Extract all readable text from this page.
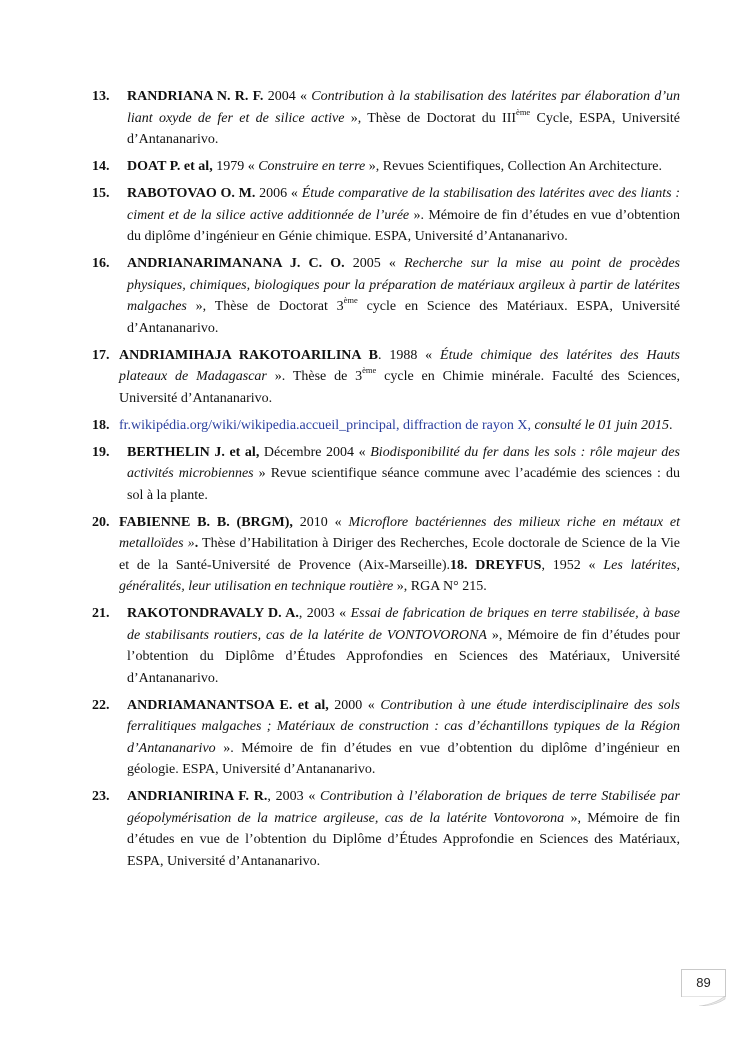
13.	RANDRIANA N. R. F. 2004 « Contribution à la stabilisation des latérites par élaboration d’un liant oxyde de fer et de silice active », Thèse de Doctorat du IIIème Cycle, ESPA, Université d’Antananarivo.
14.	DOAT P. et al, 1979 « Construire en terre », Revues Scientifiques, Collection An Architecture.
15.	RABOTOVAO O. M. 2006 « Étude comparative de la stabilisation des latérites avec des liants : ciment et de la silice active additionnée de l’urée ». Mémoire de fin d’études en vue d’obtention du diplôme d’ingénieur en Génie chimique. ESPA, Université d’Antananarivo.
16.	ANDRIANARIMANANA J. C. O. 2005 « Recherche sur la mise au point de procèdes physiques, chimiques, biologiques pour la préparation de matériaux argileux à partir de latérites malgaches », Thèse de Doctorat 3ème cycle en Science des Matériaux. ESPA, Université d’Antananarivo.
17. ANDRIAMIHAJA RAKOTOARILINA B. 1988 « Étude chimique des latérites des Hauts plateaux de Madagascar ». Thèse de 3ème cycle en Chimie minérale. Faculté des Sciences, Université d’Antananarivo.
18. fr.wikipédia.org/wiki/wikipedia.accueil_principal, diffraction de rayon X, consulté le 01 juin 2015.
19.	BERTHELIN J. et al, Décembre 2004 « Biodisponibilité du fer dans les sols : rôle majeur des activités microbiennes » Revue scientifique séance commune avec l’académie des sciences : du sol à la plante.
20. FABIENNE B. B. (BRGM), 2010 « Microflore bactériennes des milieux riche en métaux et metalloïdes ». Thèse d’Habilitation à Diriger des Recherches, Ecole doctorale de Science de la Vie et de la Santé-Université de Provence (Aix-Marseille).18. DREYFUS, 1952 « Les latérites, généralités, leur utilisation en technique routière », RGA N° 215.
21.	RAKOTONDRAVALY D. A., 2003 « Essai de fabrication de briques en terre stabilisée, à base de stabilisants routiers, cas de la latérite de VONTOVORONA », Mémoire de fin d’études pour l’obtention du Diplôme d’Études Approfondies en Sciences des Matériaux, Université d’Antananarivo.
22.	ANDRIAMANANTSOA E. et al, 2000 « Contribution à une étude interdisciplinaire des sols ferralitiques malgaches ; Matériaux de construction : cas d’échantillons typiques de la Région d’Antananarivo ». Mémoire de fin d’études en vue d’obtention du diplôme d’ingénieur en géologie. ESPA, Université d’Antananarivo.
23.	ANDRIANIRINA F. R., 2003 « Contribution à l’élaboration de briques de terre Stabilisée par géopolymérisation de la matrice argileuse, cas de la latérite Vontovorona », Mémoire de fin d’études en vue de l’obtention du Diplôme d’Études Approfondie en Sciences des Matériaux, ESPA, Université d’Antananarivo.
89
